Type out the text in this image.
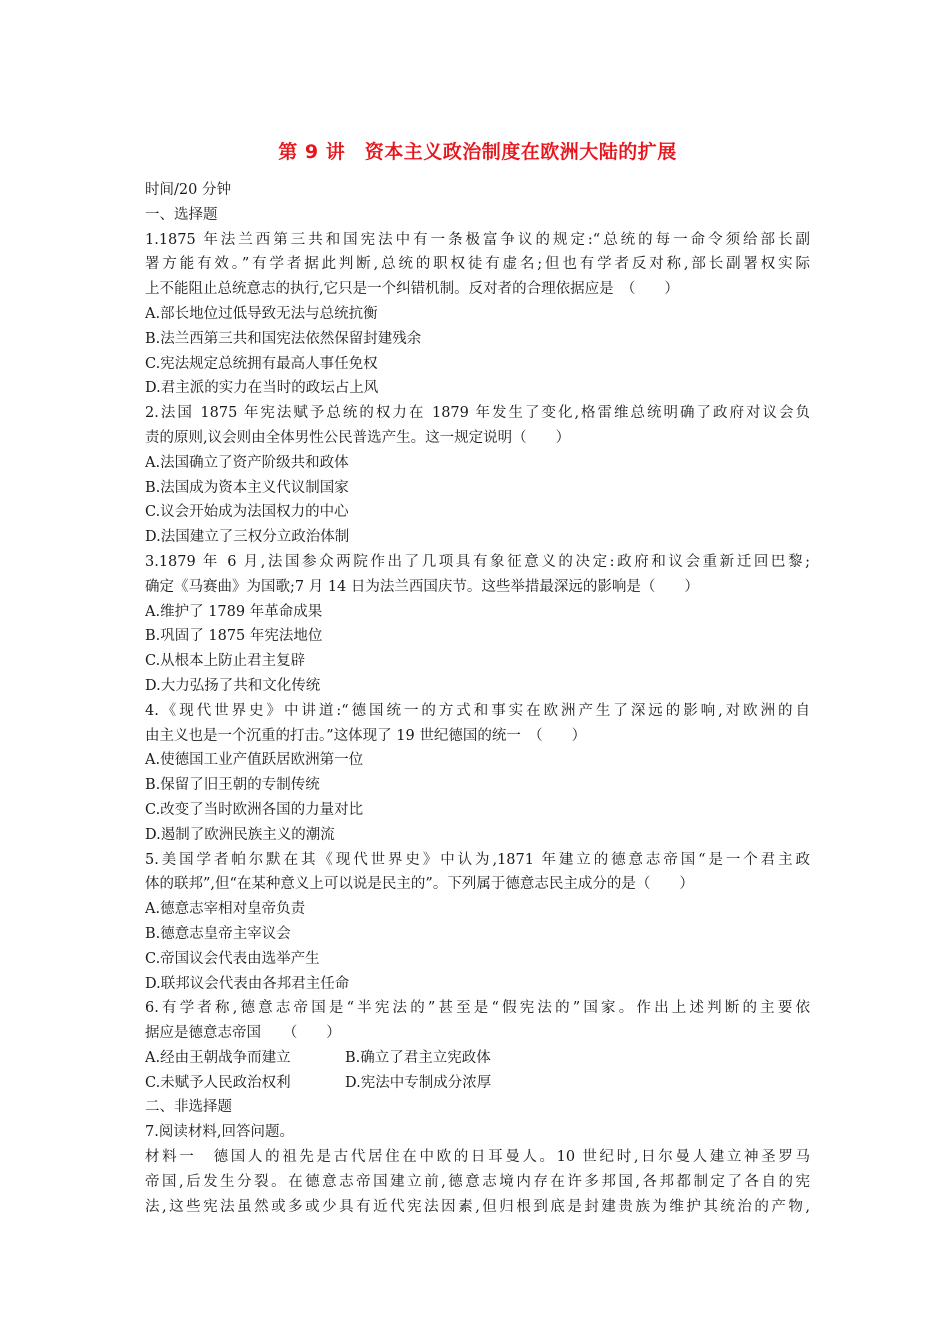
第 9 讲　资本主义政治制度在欧洲大陆的扩展
时间/20 分钟
一、选择题
1.1875 年法兰西第三共和国宪法中有一条极富争议的规定:“总统的每一命令须给部长副
署方能有效。”有学者据此判断,总统的职权徒有虚名;但也有学者反对称,部长副署权实际
上不能阻止总统意志的执行,它只是一个纠错机制。反对者的合理依据应是　（　　）
A.部长地位过低导致无法与总统抗衡
B.法兰西第三共和国宪法依然保留封建残余
C.宪法规定总统拥有最高人事任免权
D.君主派的实力在当时的政坛占上风
2.法国 1875 年宪法赋予总统的权力在 1879 年发生了变化,格雷维总统明确了政府对议会负
责的原则,议会则由全体男性公民普选产生。这一规定说明（　　）
A.法国确立了资产阶级共和政体
B.法国成为资本主义代议制国家
C.议会开始成为法国权力的中心
D.法国建立了三权分立政治体制
3.1879 年 6 月,法国参众两院作出了几项具有象征意义的决定:政府和议会重新迁回巴黎;
确定《马赛曲》为国歌;7 月 14 日为法兰西国庆节。这些举措最深远的影响是（　　）
A.维护了 1789 年革命成果
B.巩固了 1875 年宪法地位
C.从根本上防止君主复辟
D.大力弘扬了共和文化传统
4.《现代世界史》中讲道:“德国统一的方式和事实在欧洲产生了深远的影响,对欧洲的自
由主义也是一个沉重的打击。”这体现了 19 世纪德国的统一　（　　）
A.使德国工业产值跃居欧洲第一位
B.保留了旧王朝的专制传统
C.改变了当时欧洲各国的力量对比
D.遏制了欧洲民族主义的潮流
5.美国学者帕尔默在其《现代世界史》中认为,1871 年建立的德意志帝国“是一个君主政
体的联邦”,但“在某种意义上可以说是民主的”。下列属于德意志民主成分的是（　　）
A.德意志宰相对皇帝负责
B.德意志皇帝主宰议会
C.帝国议会代表由选举产生
D.联邦议会代表由各邦君主任命
6.有学者称,德意志帝国是“半宪法的”甚至是“假宪法的”国家。作出上述判断的主要依
据应是德意志帝国　　（　　）
A.经由王朝战争而建立	B.确立了君主立宪政体
C.未赋予人民政治权利	D.宪法中专制成分浓厚
二、非选择题
7.阅读材料,回答问题。
材料一　德国人的祖先是古代居住在中欧的日耳曼人。10 世纪时,日尔曼人建立神圣罗马
帝国,后发生分裂。在德意志帝国建立前,德意志境内存在许多邦国,各邦都制定了各自的宪
法,这些宪法虽然或多或少具有近代宪法因素,但归根到底是封建贵族为维护其统治的产物,
